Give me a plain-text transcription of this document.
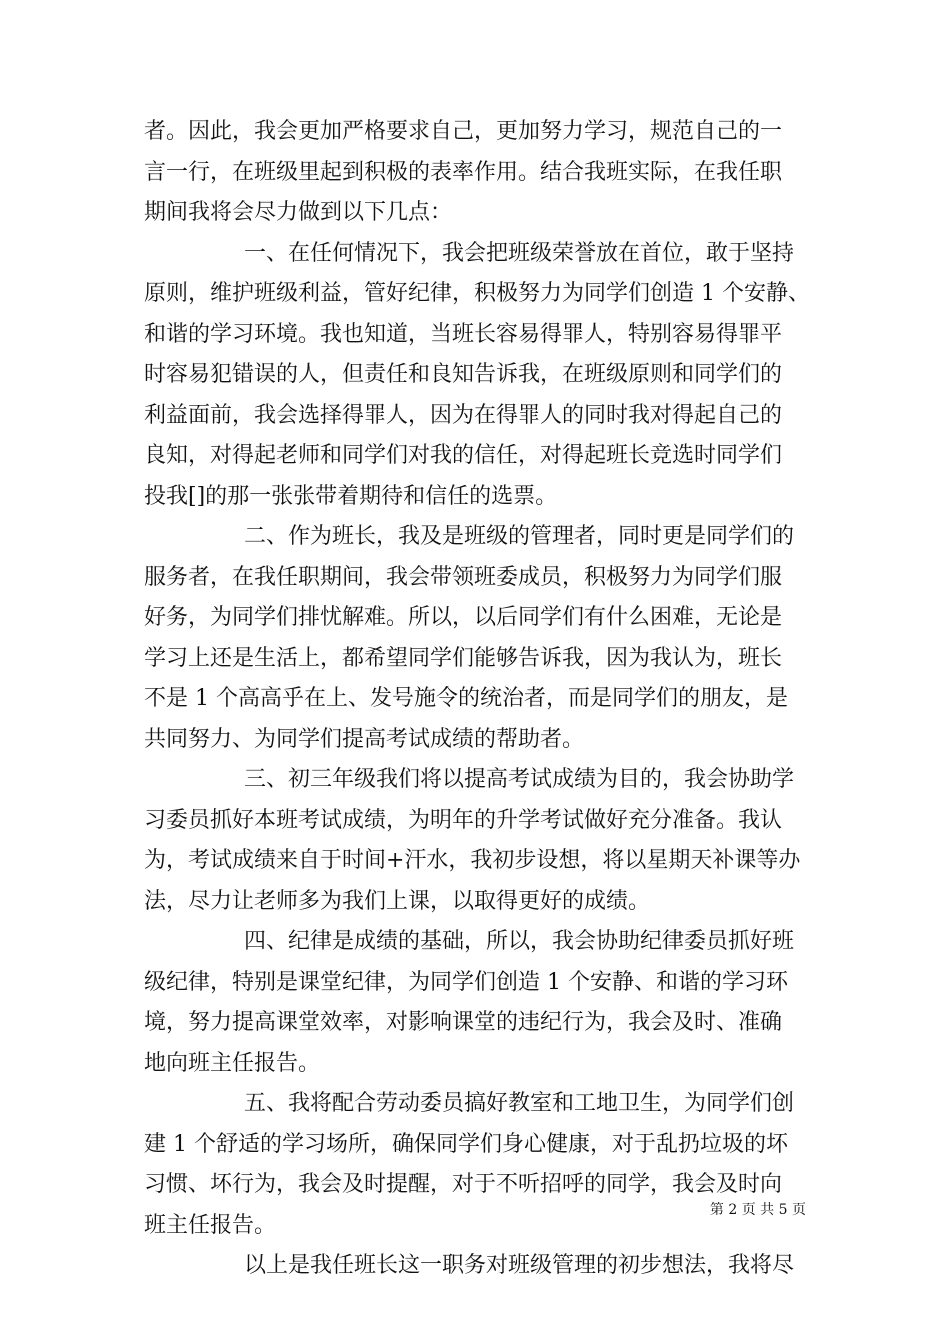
者。因此，我会更加严格要求自己，更加努力学习，规范自己的一
言一行，在班级里起到积极的表率作用。结合我班实际，在我任职
期间我将会尽力做到以下几点：
一、在任何情况下，我会把班级荣誉放在首位，敢于坚持
原则，维护班级利益，管好纪律，积极努力为同学们创造 1 个安静、
和谐的学习环境。我也知道，当班长容易得罪人，特别容易得罪平
时容易犯错误的人，但责任和良知告诉我，在班级原则和同学们的
利益面前，我会选择得罪人，因为在得罪人的同时我对得起自己的
良知，对得起老师和同学们对我的信任，对得起班长竞选时同学们
投我[]的那一张张带着期待和信任的选票。
二、作为班长，我及是班级的管理者，同时更是同学们的
服务者，在我任职期间，我会带领班委成员，积极努力为同学们服
好务，为同学们排忧解难。所以，以后同学们有什么困难，无论是
学习上还是生活上，都希望同学们能够告诉我，因为我认为，班长
不是 1 个高高乎在上、发号施令的统治者，而是同学们的朋友，是
共同努力、为同学们提高考试成绩的帮助者。
三、初三年级我们将以提高考试成绩为目的，我会协助学
习委员抓好本班考试成绩，为明年的升学考试做好充分准备。我认
为，考试成绩来自于时间+汗水，我初步设想，将以星期天补课等办
法，尽力让老师多为我们上课，以取得更好的成绩。
四、纪律是成绩的基础，所以，我会协助纪律委员抓好班
级纪律，特别是课堂纪律，为同学们创造 1 个安静、和谐的学习环
境，努力提高课堂效率，对影响课堂的违纪行为，我会及时、准确
地向班主任报告。
五、我将配合劳动委员搞好教室和工地卫生，为同学们创
建 1 个舒适的学习场所，确保同学们身心健康，对于乱扔垃圾的坏
习惯、坏行为，我会及时提醒，对于不听招呼的同学，我会及时向
班主任报告。
以上是我任班长这一职务对班级管理的初步想法，我将尽
第 2 页 共 5 页
